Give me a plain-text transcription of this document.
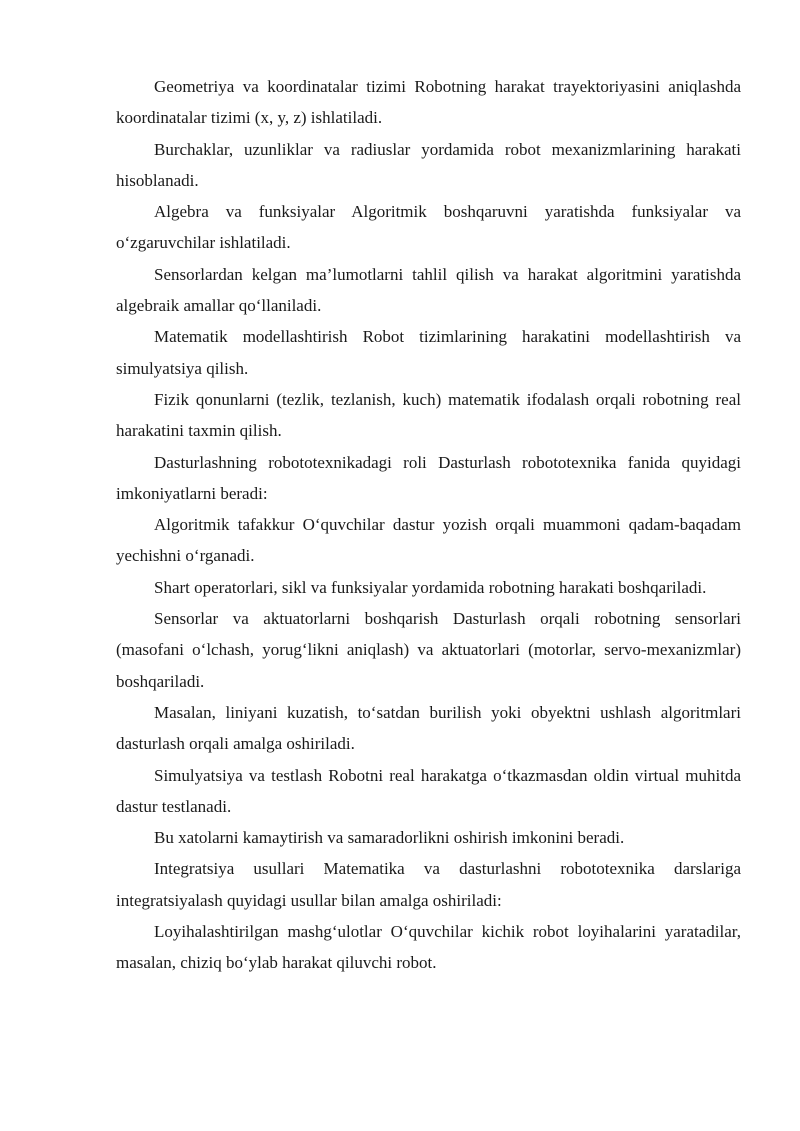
Geometriya va koordinatalar tizimi Robotning harakat trayektoriyasini aniqlashda koordinatalar tizimi (x, y, z) ishlatiladi.

Burchaklar, uzunliklar va radiuslar yordamida robot mexanizmlarining harakati hisoblanadi.

Algebra va funksiyalar Algoritmik boshqaruvni yaratishda funksiyalar va o‘zgaruvchilar ishlatiladi.

Sensorlardan kelgan ma’lumotlarni tahlil qilish va harakat algoritmini yaratishda algebraik amallar qo‘llaniladi.

Matematik modellashtirish Robot tizimlarining harakatini modellashtirish va simulyatsiya qilish.

Fizik qonunlarni (tezlik, tezlanish, kuch) matematik ifodalash orqali robotning real harakatini taxmin qilish.

Dasturlashning robototexnikadagi roli Dasturlash robototexnika fanida quyidagi imkoniyatlarni beradi:

Algoritmik tafakkur O‘quvchilar dastur yozish orqali muammoni qadam-baqadam yechishni o‘rganadi.

Shart operatorlari, sikl va funksiyalar yordamida robotning harakati boshqariladi.

Sensorlar va aktuatorlarni boshqarish Dasturlash orqali robotning sensorlari (masofani o‘lchash, yorug‘likni aniqlash) va aktuatorlari (motorlar, servo-mexanizmlar) boshqariladi.

Masalan, liniyani kuzatish, to‘satdan burilish yoki obyektni ushlash algoritmlari dasturlash orqali amalga oshiriladi.

Simulyatsiya va testlash Robotni real harakatga o‘tkazmasdan oldin virtual muhitda dastur testlanadi.

Bu xatolarni kamaytirish va samaradorlikni oshirish imkonini beradi.

Integratsiya usullari Matematika va dasturlashni robototexnika darslariga integratsiyalash quyidagi usullar bilan amalga oshiriladi:

Loyihalashtirilgan mashg‘ulotlar O‘quvchilar kichik robot loyihalarini yaratadilar, masalan, chiziq bo‘ylab harakat qiluvchi robot.
